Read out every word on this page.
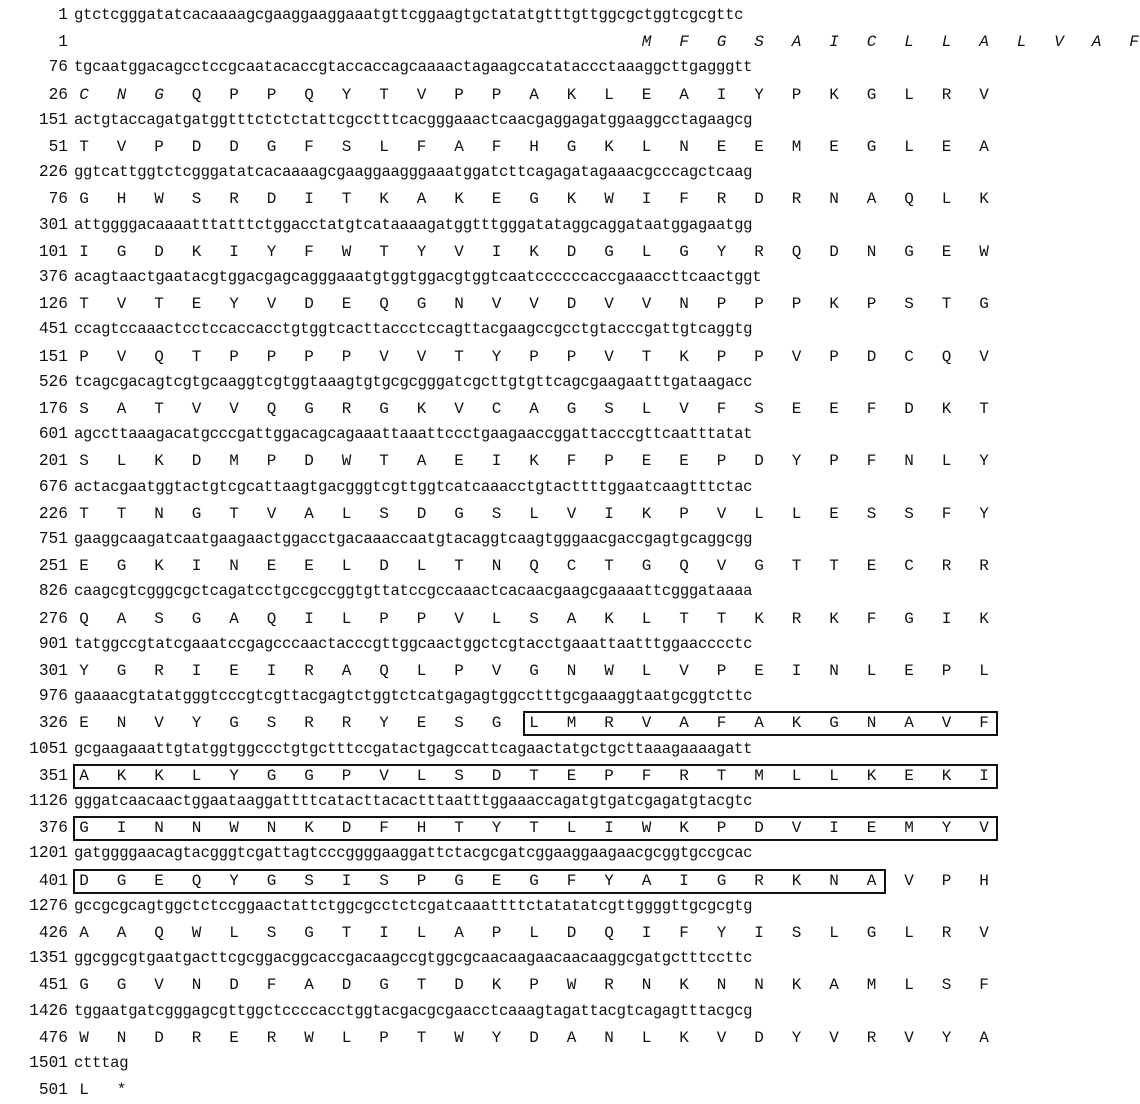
1 gtctcgggatatcacaaaagcgaaggaaggaaatgttcggaagtgctatatgtttgttggcgctggtcgcgttc
1	M F G S A I C L L A L V A F
76 tgcaatggacagcctccgcaatacaccgtaccaccagcaaaactagaagccatataccctaaaggcttgagggtt
26 C N G Q P P Q Y T V P P A K L E A I Y P K G L R V
151 actgtaccagatgatggtttctctctattcgcctttcacgggaaactcaacgaggagatggaaggcctagaagcg
51 T V P D D G F S L F A F H G K L N E E M E G L E A
226 ggtcattggtctcgggatatcacaaaagcgaaggaagggaaatggatcttcagagatagaaacgcccagctcaag
76 G H W S R D I T K A K E G K W I F R D R N A Q L K
301 attggggacaaaatttatttctggacctatgtcataaaagatggtttgggatataggcaggataatggagaatgg
101 I G D K I Y F W T Y V I K D G L G Y R Q D N G E W
376 acagtaactgaatacgtggacgagcagggaaatgtggtggacgtggtcaatccccccaccgaaaccttcaactggt
126 T V T E Y V D E Q G N V V D V V N P P P K P S T G
451 ccagtccaaactcctccaccacctgtggtcacttaccctccagttacgaagccgcctgtacccgattgtcaggtg
151 P V Q T P P P P V V T Y P P V T K P P V P D C Q V
526 tcagcgacagtcgtgcaaggtcgtggtaaagtgtgcgcgggatcgcttgtgttcagcgaagaatttgataagacc
176 S A T V V Q G R G K V C A G S L V F S E E F D K T
601 agccttaaagacatgcccgattggacagcagaaattaaattccctgaagaaccggattacccgttcaatttatat
201 S L K D M P D W T A E I K F P E E P D Y P F N L Y
676 actacgaatggtactgtcgcattaagtgacgggtcgttggtcatcaaacctgtacttttggaatcaagtttctac
226 T T N G T V A L S D G S L V I K P V L L E S S F Y
751 gaaggcaagatcaatgaagaactggacctgacaaaccaatgtacaggtcaagtgggaacgaccgagtgcaggcgg
251 E G K I N E E L D L T N Q C T G Q V G T T E C R R
826 caagcgtcgggcgctcagatcctgccgccggtgttatccgccaaactcacaacgaagcgaaaattcgggataaaa
276 Q A S G A Q I L P P V L S A K L T T K R K F G I K
901 tatggccgtatcgaaatccgagcccaactacccgttggcaactggctcgtacctgaaattaatttggaacccctc
301 Y G R I E I R A Q L P V G N W L V P E I N L E P L
976 gaaaacgtatatgggtcccgtcgttacgagtctggtctcatgagagtggcctttgcgaaaggtaatgcggtcttc
326 E N V Y G S R R Y E S G L M R V A F A K G N A V F
1051 gcgaagaaattgtatggtggccctgtgctttccgatactgagccattcagaactatgctgcttaaagaaaagatt
351 A K K L Y G G P V L S D T E P F R T M L L K E K I
1126 gggatcaacaactggaataaggattttcatacttacactttaatttggaaaccagatgtgatcgagatgtacgtc
376 G I N N W N K D F H T Y T L I W K P D V I E M Y V
1201 gatggggaacagtacgggtcgattagtcccggggaaggattctacgcgatcggaaggaagaacgcggtgccgcac
401 D G E Q Y G S I S P G E G F Y A I G R K N A V P H
1276 gccgcgcagtggctctccggaactattctggcgcctctcgatcaaattttctatatatcgttggggttgcgcgtg
426 A A Q W L S G T I L A P L D Q I F Y I S L G L R V
1351 ggcggcgtgaatgacttcgcggacggcaccgacaagccgtggcgcaacaagaacaacaaggcgatgctttccttc
451 G G V N D F A D G T D K P W R N K N N K A M L S F
1426 tggaatgatcgggagcgttggctccccacctggtacgacgcgaacctcaaagtagattacgtcagagtttacgcg
476 W N D R E R W L P T W Y D A N L K V D Y V R V Y A
1501 ctttag
501 L *
